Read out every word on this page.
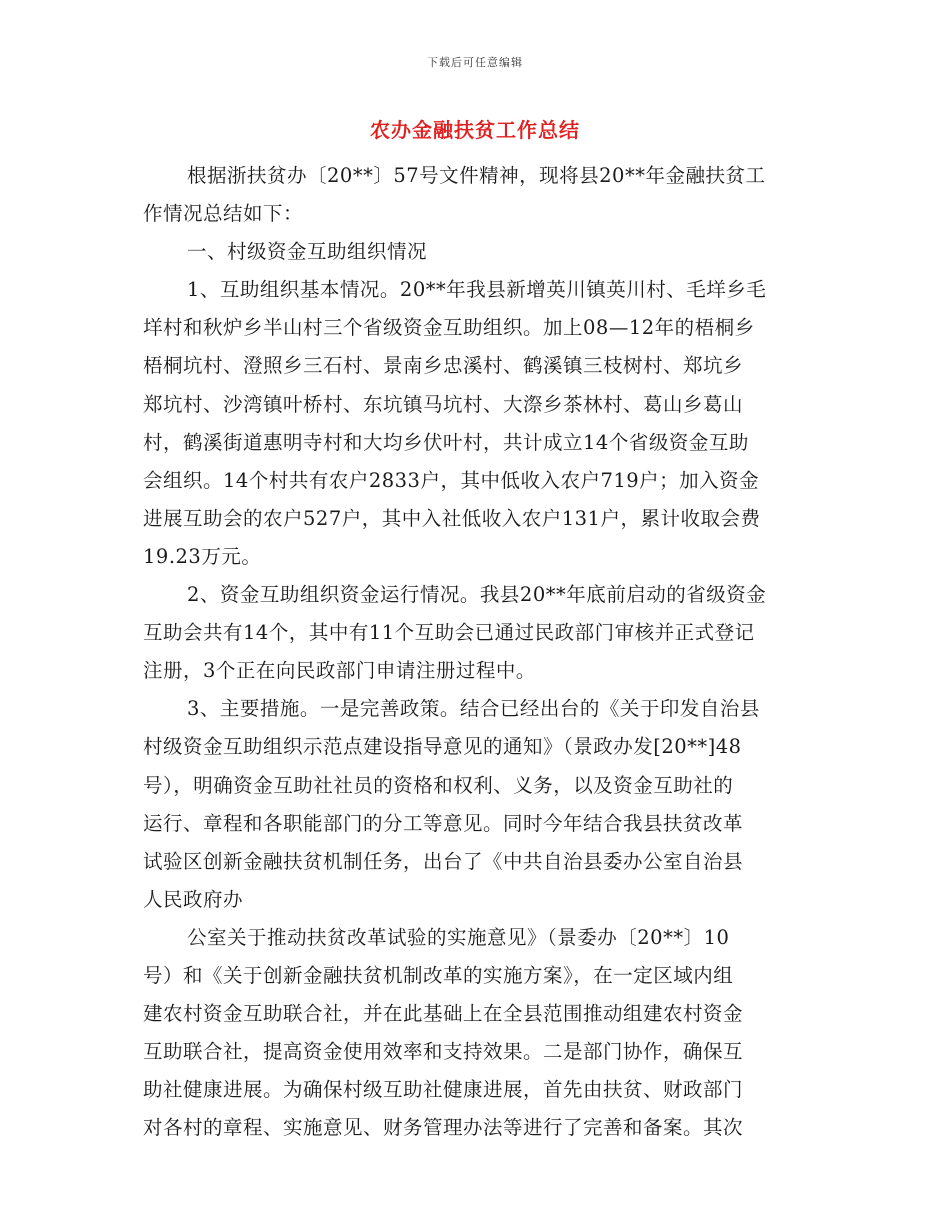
下载后可任意编辑
农办金融扶贫工作总结
根据浙扶贫办〔20**〕57号文件精神，现将县20**年金融扶贫工
作情况总结如下：
一、村级资金互助组织情况
1、互助组织基本情况。20**年我县新增英川镇英川村、毛垟乡毛
垟村和秋炉乡半山村三个省级资金互助组织。加上08—12年的梧桐乡
梧桐坑村、澄照乡三石村、景南乡忠溪村、鹤溪镇三枝树村、郑坑乡
郑坑村、沙湾镇叶桥村、东坑镇马坑村、大漈乡茶林村、葛山乡葛山
村，鹤溪街道惠明寺村和大均乡伏叶村，共计成立14个省级资金互助
会组织。14个村共有农户2833户，其中低收入农户719户；加入资金
进展互助会的农户527户，其中入社低收入农户131户，累计收取会费
19.23万元。
2、资金互助组织资金运行情况。我县20**年底前启动的省级资金
互助会共有14个，其中有11个互助会已通过民政部门审核并正式登记
注册，3个正在向民政部门申请注册过程中。
3、主要措施。一是完善政策。结合已经出台的《关于印发自治县
村级资金互助组织示范点建设指导意见的通知》（景政办发[20**]48
号），明确资金互助社社员的资格和权利、义务，以及资金互助社的
运行、章程和各职能部门的分工等意见。同时今年结合我县扶贫改革
试验区创新金融扶贫机制任务，出台了《中共自治县委办公室自治县
人民政府办
公室关于推动扶贫改革试验的实施意见》（景委办〔20**〕10
号）和《关于创新金融扶贫机制改革的实施方案》，在一定区域内组
建农村资金互助联合社，并在此基础上在全县范围推动组建农村资金
互助联合社，提高资金使用效率和支持效果。二是部门协作，确保互
助社健康进展。为确保村级互助社健康进展，首先由扶贫、财政部门
对各村的章程、实施意见、财务管理办法等进行了完善和备案。其次
